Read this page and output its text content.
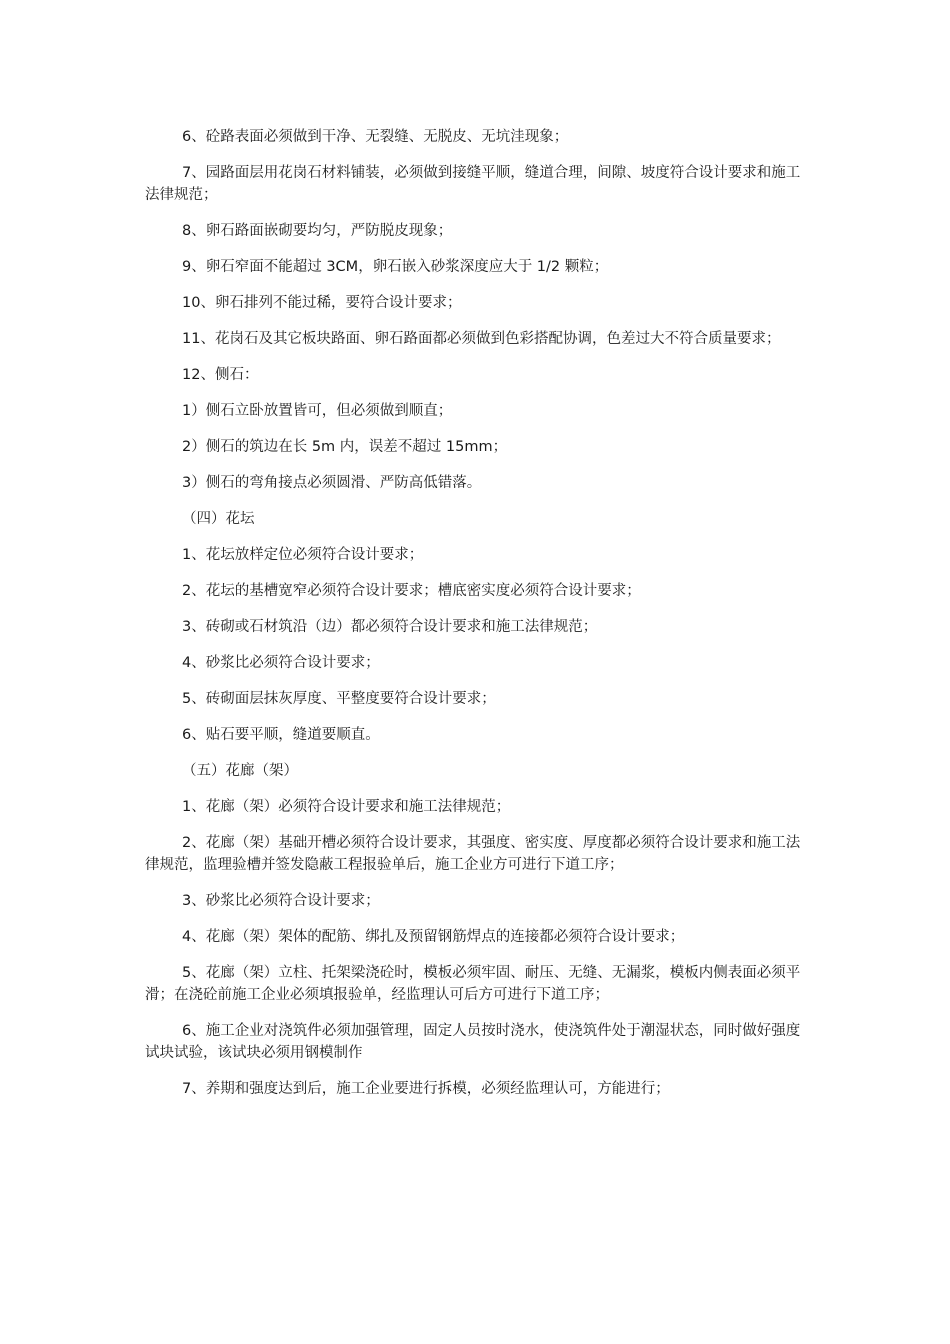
6、砼路表面必须做到干净、无裂缝、无脱皮、无坑洼现象；

7、园路面层用花岗石材料铺装，必须做到接缝平顺，缝道合理，间隙、坡度符合设计要求和施工法律规范；

8、卵石路面嵌砌要均匀，严防脱皮现象；

9、卵石窄面不能超过 3CM，卵石嵌入砂浆深度应大于 1/2 颗粒；

10、卵石排列不能过稀，要符合设计要求；

11、花岗石及其它板块路面、卵石路面都必须做到色彩搭配协调，色差过大不符合质量要求；

12、侧石：

1）侧石立卧放置皆可，但必须做到顺直；

2）侧石的筑边在长 5m 内，误差不超过 15mm；

3）侧石的弯角接点必须圆滑、严防高低错落。

（四）花坛

1、花坛放样定位必须符合设计要求；

2、花坛的基槽宽窄必须符合设计要求；槽底密实度必须符合设计要求；

3、砖砌或石材筑沿（边）都必须符合设计要求和施工法律规范；

4、砂浆比必须符合设计要求；

5、砖砌面层抹灰厚度、平整度要符合设计要求；

6、贴石要平顺，缝道要顺直。

（五）花廊（架）

1、花廊（架）必须符合设计要求和施工法律规范；

2、花廊（架）基础开槽必须符合设计要求，其强度、密实度、厚度都必须符合设计要求和施工法律规范，监理验槽并签发隐蔽工程报验单后，施工企业方可进行下道工序；

3、砂浆比必须符合设计要求；

4、花廊（架）架体的配筋、绑扎及预留钢筋焊点的连接都必须符合设计要求；

5、花廊（架）立柱、托架梁浇砼时，模板必须牢固、耐压、无缝、无漏浆，模板内侧表面必须平滑；在浇砼前施工企业必须填报验单，经监理认可后方可进行下道工序；

6、施工企业对浇筑件必须加强管理，固定人员按时浇水，使浇筑件处于潮湿状态，同时做好强度试块试验，该试块必须用钢模制作

7、养期和强度达到后，施工企业要进行拆模，必须经监理认可，方能进行；
